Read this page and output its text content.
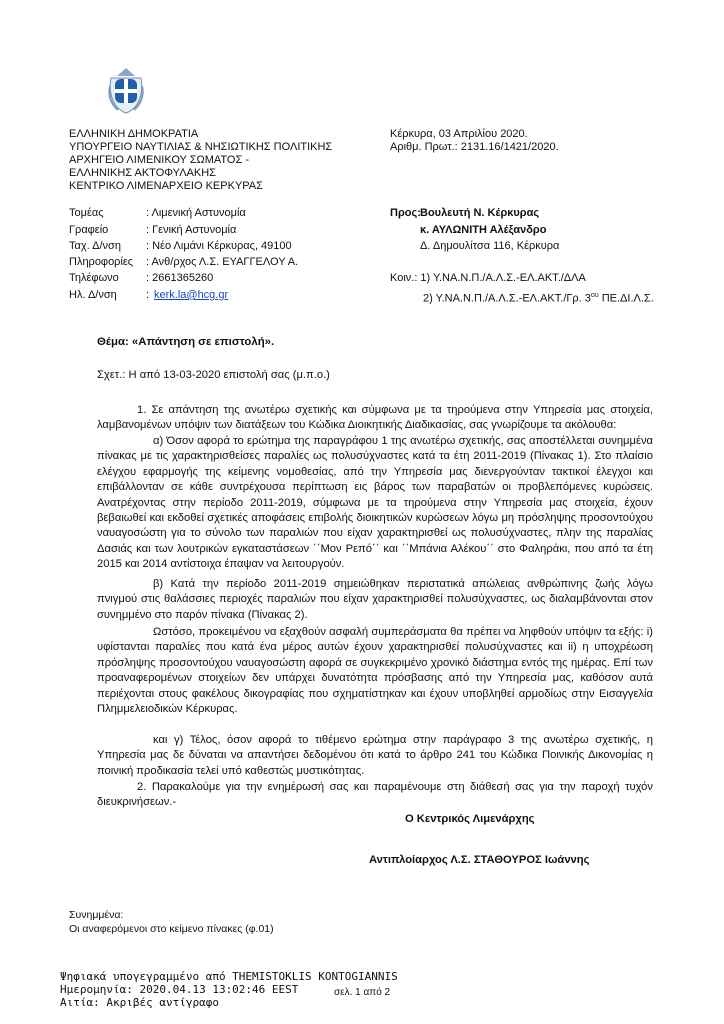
ΕΛΛΗΝΙΚΗ ΔΗΜΟΚΡΑΤΙΑ
ΥΠΟΥΡΓΕΙΟ ΝΑΥΤΙΛΙΑΣ & ΝΗΣΙΩΤΙΚΗΣ ΠΟΛΙΤΙΚΗΣ
ΑΡΧΗΓΕΙΟ ΛΙΜΕΝΙΚΟΥ ΣΩΜΑΤΟΣ -
ΕΛΛΗΝΙΚΗΣ ΑΚΤΟΦΥΛΑΚΗΣ
ΚΕΝΤΡΙΚΟ ΛΙΜΕΝΑΡΧΕΙΟ ΚΕΡΚΥΡΑΣ
Τομέας	: Λιμενική Αστυνομία
Γραφείο	: Γενική Αστυνομία
Ταχ. Δ/νση : Νέο Λιμάνι Κέρκυρας, 49100
Πληροφορίες : Ανθ/ρχος Λ.Σ. ΕΥΑΓΓΕΛΟΥ Α.
Τηλέφωνο : 2661365260
Ηλ. Δ/νση	: kerk.la@hcg.gr
Κέρκυρα, 03 Απριλίου 2020.
Αριθμ. Πρωτ.: 2131.16/1421/2020.
Προς: Βουλευτή Ν. Κέρκυρας
κ. ΑΥΛΩΝΙΤΗ Αλέξανδρο
Δ. Δημουλίτσα 116, Κέρκυρα
Κοιν.: 1) Υ.ΝΑ.Ν.Π./Α.Λ.Σ.-ΕΛ.ΑΚΤ./ΔΛΑ
2) Υ.ΝΑ.Ν.Π./Α.Λ.Σ.-ΕΛ.ΑΚΤ./Γρ. $3^{o\upsilon}$ ΠΕ.ΔΙ.Λ.Σ.
Θέμα: «Απάντηση σε επιστολή».
Σχετ.: Η από 13-03-2020 επιστολή σας (μ.π.ο.)
1. Σε απάντηση της ανωτέρω σχετικής και σύμφωνα με τα τηρούμενα στην Υπηρεσία μας στοιχεία, λαμβανομένων υπόψιν των διατάξεων του Κώδικα Διοικητικής Διαδικασίας, σας γνωρίζουμε τα ακόλουθα:
α) Όσον αφορά το ερώτημα της παραγράφου 1 της ανωτέρω σχετικής, σας αποστέλλεται συνημμένα πίνακας με τις χαρακτηρισθείσες παραλίες ως πολυσύχναστες κατά τα έτη 2011-2019 (Πίνακας 1). Στο πλαίσιο ελέγχου εφαρμογής της κείμενης νομοθεσίας, από την Υπηρεσία μας διενεργούνταν τακτικοί έλεγχοι και επιβάλλονταν σε κάθε συντρέχουσα περίπτωση εις βάρος των παραβατών οι προβλεπόμενες κυρώσεις. Ανατρέχοντας στην περίοδο 2011-2019, σύμφωνα με τα τηρούμενα στην Υπηρεσία μας στοιχεία, έχουν βεβαιωθεί και εκδοθεί σχετικές αποφάσεις επιβολής διοικητικών κυρώσεων λόγω μη πρόσληψης προσοντούχου ναυαγοσώστη για το σύνολο των παραλιών που είχαν χαρακτηρισθεί ως πολυσύχναστες, πλην της παραλίας Δασιάς και των λουτρικών εγκαταστάσεων ΄΄Μον Ρεπό΄΄ και ΄΄Μπάνια Αλέκου΄΄ στο Φαληράκι, που από τα έτη 2015 και 2014 αντίστοιχα έπαψαν να λειτουργούν.
β) Κατά την περίοδο 2011-2019 σημειώθηκαν περιστατικά απώλειας ανθρώπινης ζωής λόγω πνιγμού στις θαλάσσιες περιοχές παραλιών που είχαν χαρακτηρισθεί πολυσύχναστες, ως διαλαμβάνονται στον συνημμένο στο παρόν πίνακα (Πίνακας 2).
Ωστόσο, προκειμένου να εξαχθούν ασφαλή συμπεράσματα θα πρέπει να ληφθούν υπόψιν τα εξής: i) υφίστανται παραλίες που κατά ένα μέρος αυτών έχουν χαρακτηρισθεί πολυσύχναστες και ii) η υποχρέωση πρόσληψης προσοντούχου ναυαγοσώστη αφορά σε συγκεκριμένο χρονικό διάστημα εντός της ημέρας. Επί των προαναφερομένων στοιχείων δεν υπάρχει δυνατότητα πρόσβασης από την Υπηρεσία μας, καθόσον αυτά περιέχονται στους φακέλους δικογραφίας που σχηματίστηκαν και έχουν υποβληθεί αρμοδίως στην Εισαγγελία Πλημμελειοδικών Κέρκυρας.
και γ) Τέλος, όσον αφορά το τιθέμενο ερώτημα στην παράγραφο 3 της ανωτέρω σχετικής, η Υπηρεσία μας δε δύναται να απαντήσει δεδομένου ότι κατά το άρθρο 241 του Κώδικα Ποινικής Δικονομίας η ποινική προδικασία τελεί υπό καθεστώς μυστικότητας.
2. Παρακαλούμε για την ενημέρωσή σας και παραμένουμε στη διάθεσή σας για την παροχή τυχόν διευκρινήσεων.-
Ο Κεντρικός Λιμενάρχης
Αντιπλοίαρχος Λ.Σ. ΣΤΑΘΟΥΡΟΣ Ιωάννης
Συνημμένα:
Οι αναφερόμενοι στο κείμενο πίνακες (φ.01)
Ψηφιακά υπογεγραμμένο από THEMISTOKLIS KONTOGIANNIS
Ημερομηνία: 2020.04.13 13:02:46 EEST
Αιτία: Ακριβές αντίγραφο
σελ. 1 από 2
